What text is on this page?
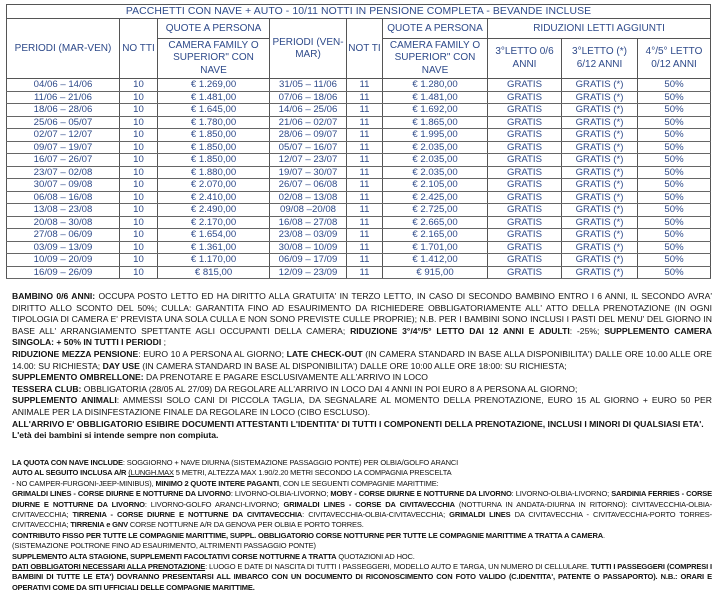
PACCHETTI CON NAVE + AUTO - 10/11 NOTTI IN PENSIONE COMPLETA - BEVANDE INCLUSE								
PERIODI (MAR-VEN)	NO TTI	QUOTE A PERSONA	PERIODI (VEN-MAR)	NOT TI	QUOTE A PERSONA	RIDUZIONI LETTI AGGIUNTI		
		CAMERA FAMILY O SUPERIOR" CON NAVE			CAMERA FAMILY O SUPERIOR" CON NAVE	3°LETTO 0/6 ANNI	3°LETTO (*) 6/12 ANNI	4°/5° LETTO 0/12 ANNI
04/06 – 14/06	10	€ 1.269,00	31/05 – 11/06	11	€ 1.280,00	GRATIS	GRATIS (*)	50%
11/06 – 21/06	10	€ 1.481,00	07/06 – 18/06	11	€ 1.481,00	GRATIS	GRATIS (*)	50%
18/06 – 28/06	10	€ 1.645,00	14/06 – 25/06	11	€ 1.692,00	GRATIS	GRATIS (*)	50%
25/06 – 05/07	10	€ 1.780,00	21/06 – 02/07	11	€ 1.865,00	GRATIS	GRATIS (*)	50%
02/07 – 12/07	10	€ 1.850,00	28/06 – 09/07	11	€ 1.995,00	GRATIS	GRATIS (*)	50%
09/07 – 19/07	10	€ 1.850,00	05/07 – 16/07	11	€ 2.035,00	GRATIS	GRATIS (*)	50%
16/07 – 26/07	10	€ 1.850,00	12/07 – 23/07	11	€ 2.035,00	GRATIS	GRATIS (*)	50%
23/07 – 02/08	10	€ 1.880,00	19/07 – 30/07	11	€ 2.035,00	GRATIS	GRATIS (*)	50%
30/07 – 09/08	10	€ 2.070,00	26/07 – 06/08	11	€ 2.105,00	GRATIS	GRATIS (*)	50%
06/08 – 16/08	10	€ 2.410,00	02/08 – 13/08	11	€ 2.425,00	GRATIS	GRATIS (*)	50%
13/08 – 23/08	10	€ 2.490,00	09/08 –20/08	11	€ 2.725,00	GRATIS	GRATIS (*)	50%
20/08 – 30/08	10	€ 2.170,00	16/08 – 27/08	11	€ 2.665,00	GRATIS	GRATIS (*)	50%
27/08 – 06/09	10	€ 1.654,00	23/08 – 03/09	11	€ 2.165,00	GRATIS	GRATIS (*)	50%
03/09 – 13/09	10	€ 1.361,00	30/08 – 10/09	11	€ 1.701,00	GRATIS	GRATIS (*)	50%
10/09 – 20/09	10	€ 1.170,00	06/09 – 17/09	11	€ 1.412,00	GRATIS	GRATIS (*)	50%
16/09 – 26/09	10	€ 815,00	12/09 – 23/09	11	€ 915,00	GRATIS	GRATIS (*)	50%

BAMBINO 0/6 ANNI: OCCUPA POSTO LETTO ED HA DIRITTO ALLA GRATUITA' IN TERZO LETTO, IN CASO DI SECONDO BAMBINO ENTRO I 6 ANNI, IL SECONDO AVRA' DIRITTO ALLO SCONTO DEL 50%; CULLA: GARANTITA FINO AD ESAURIMENTO DA RICHIEDERE OBBLIGATORIAMENTE ALL' ATTO DELLA PRENOTAZIONE (IN OGNI TIPOLOGIA DI CAMERA E' PREVISTA UNA SOLA CULLA E NON SONO PREVISTE CULLE PROPRIE); N.B. PER I BAMBINI SONO INCLUSI I PASTI DEL MENU' DEL GIORNO IN BASE ALL' ARRANGIAMENTO SPETTANTE AGLI OCCUPANTI DELLA CAMERA; RIDUZIONE 3°/4°/5° LETTO DAI 12 ANNI E ADULTI: -25%; SUPPLEMENTO CAMERA SINGOLA: + 50% IN TUTTI I PERIODI ;
RIDUZIONE MEZZA PENSIONE: EURO 10 A PERSONA AL GIORNO; LATE CHECK-OUT (IN CAMERA STANDARD IN BASE ALLA DISPONIBILITA') DALLE ORE 10.00 ALLE ORE 14.00: SU RICHIESTA; DAY USE (IN CAMERA STANDARD IN BASE AL DISPONIBILITA') DALLE ORE 10:00 ALLE ORE 18:00: SU RICHIESTA;
SUPPLEMENTO OMBRELLONE: DA PRENOTARE E PAGARE ESCLUSIVAMENTE ALL'ARRIVO IN LOCO
TESSERA CLUB: OBBLIGATORIA (28/05 AL 27/09) DA REGOLARE ALL'ARRIVO IN LOCO DAI 4 ANNI IN POI EURO 8 A PERSONA AL GIORNO;
SUPPLEMENTO ANIMALI: AMMESSI SOLO CANI DI PICCOLA TAGLIA, DA SEGNALARE AL MOMENTO DELLA PRENOTAZIONE, EURO 15 AL GIORNO + EURO 50 PER ANIMALE PER LA DISINFESTAZIONE FINALE DA REGOLARE IN LOCO (CIBO ESCLUSO).
ALL'ARRIVO E' OBBLIGATORIO ESIBIRE DOCUMENTI ATTESTANTI L'IDENTITA' DI TUTTI I COMPONENTI DELLA PRENOTAZIONE, INCLUSI I MINORI DI QUALSIASI ETA'.
L'età dei bambini si intende sempre non compiuta.

LA QUOTA CON NAVE INCLUDE: SOGGIORNO + NAVE DIURNA (SISTEMAZIONE PASSAGGIO PONTE) PER OLBIA/GOLFO ARANCI
AUTO AL SEGUITO INCLUSA A/R (LUNGH.MAX 5 METRI, ALTEZZA MAX 1.90/2.20 METRI SECONDO LA COMPAGNIA PRESCELTA
- NO CAMPER-FURGONI-JEEP-MINIBUS), MINIMO 2 QUOTE INTERE PAGANTI, CON LE SEGUENTI COMPAGNIE MARITTIME:
GRIMALDI LINES - CORSE DIURNE E NOTTURNE DA LIVORNO: LIVORNO-OLBIA-LIVORNO; MOBY - CORSE DIURNE E NOTTURNE DA LIVORNO: LIVORNO-OLBIA-LIVORNO; SARDINIA FERRIES - CORSE DIURNE E NOTTURNE DA LIVORNO: LIVORNO-GOLFO ARANCI-LIVORNO; GRIMALDI LINES - CORSE DA CIVITAVECCHIA (NOTTURNA IN ANDATA-DIURNA IN RITORNO): CIVITAVECCHIA-OLBIA-CIVITAVECCHIA; TIRRENIA - CORSE DIURNE E NOTTURNE DA CIVITAVECCHIA: CIVITAVECCHIA-OLBIA-CIVITAVECCHIA; GRIMALDI LINES DA CIVITAVECCHIA - CIVITAVECCHIA-PORTO TORRES-CIVITAVECCHIA; TIRRENIA e GNV CORSE NOTTURNE A/R DA GENOVA PER OLBIA E PORTO TORRES.
CONTRIBUTO FISSO PER TUTTE LE COMPAGNIE MARITTIME, SUPPL. OBBLIGATORIO CORSE NOTTURNE PER TUTTE LE COMPAGNIE MARITTIME A TRATTA A CAMERA.
(SISTEMAZIONE POLTRONE FINO AD ESAURIMENTO, ALTRIMENTI PASSAGGIO PONTE)
SUPPLEMENTO ALTA STAGIONE, SUPPLEMENTI FACOLTATIVI CORSE NOTTURNE A TRATTA QUOTAZIONI AD HOC.
DATI OBBLIGATORI NECESSARI ALLA PRENOTAZIONE: LUOGO E DATE DI NASCITA DI TUTTI I PASSEGGERI, MODELLO AUTO E TARGA, UN NUMERO DI CELLULARE. TUTTI I PASSEGGERI (COMPRESI I BAMBINI DI TUTTE LE ETA') DOVRANNO PRESENTARSI ALL IMBARCO CON UN DOCUMENTO DI RICONOSCIMENTO CON FOTO VALIDO (C.IDENTITA', PATENTE O PASSAPORTO). N.B.: ORARI E OPERATIVI COME DA SITI UFFICIALI DELLE COMPAGNIE MARITTIME.
